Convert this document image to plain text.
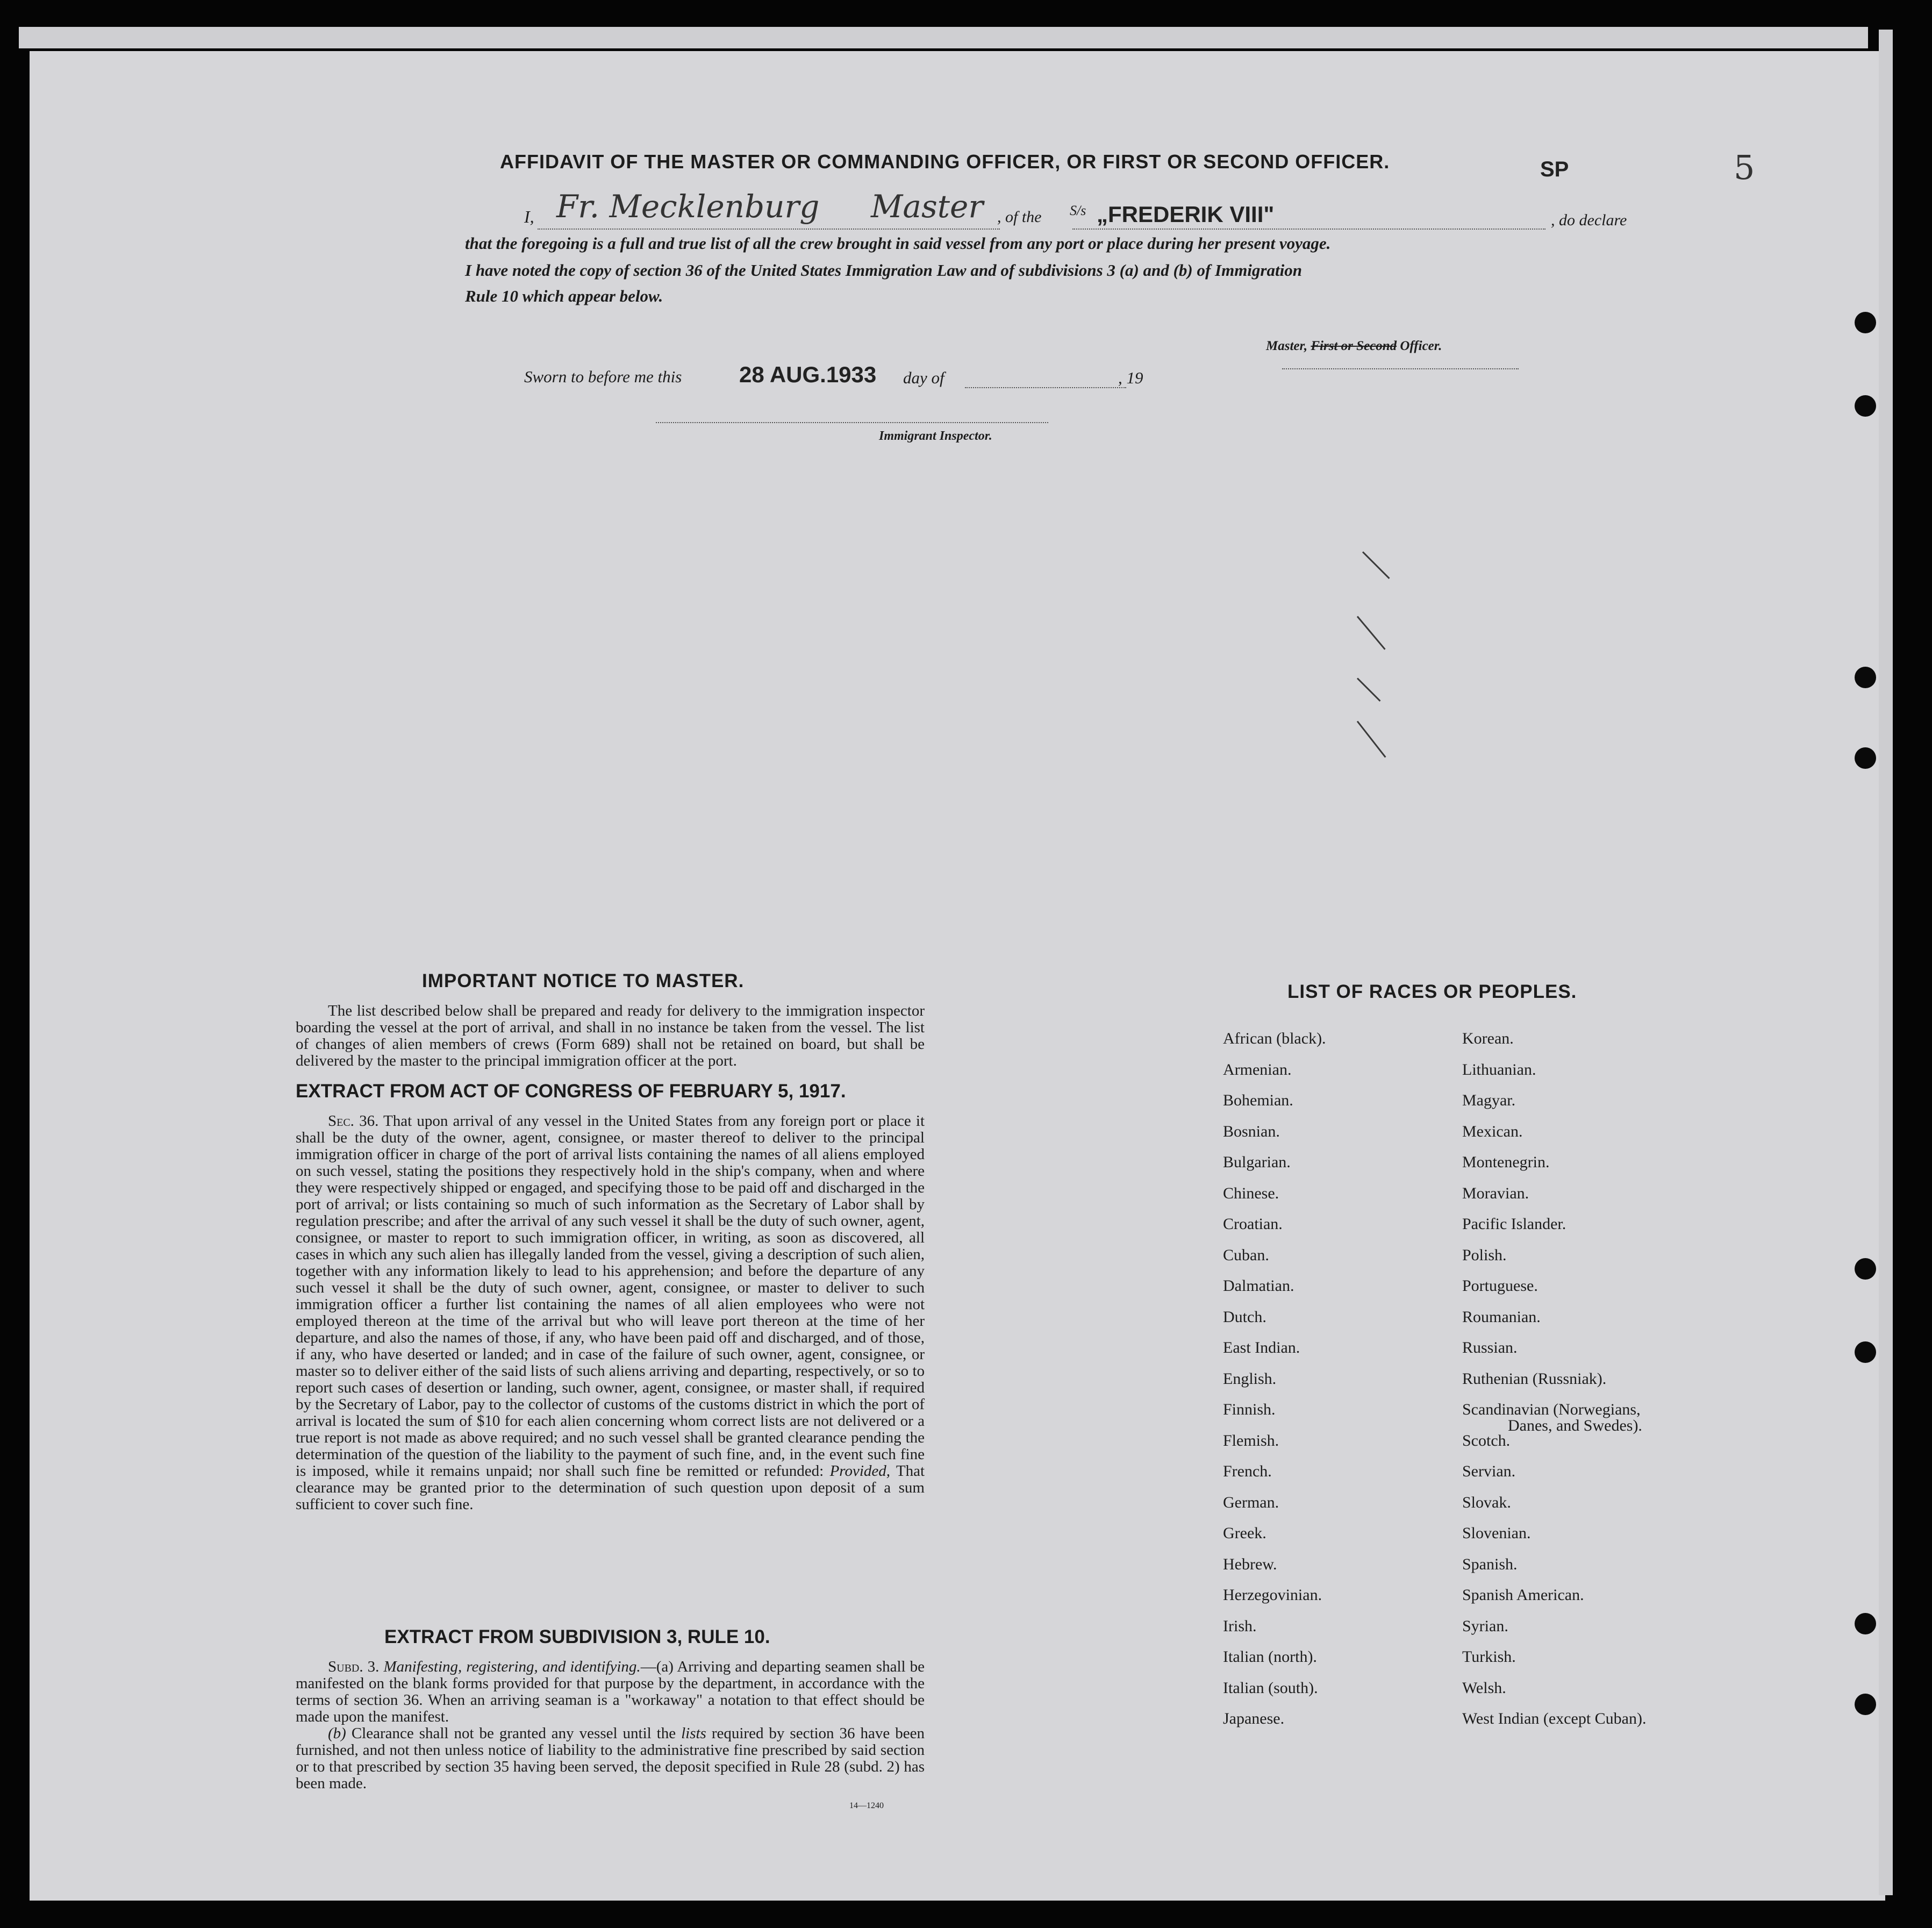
AFFIDAVIT OF THE MASTER OR COMMANDING OFFICER, OR FIRST OR SECOND OFFICER.	SP	5
I, Fr. Mecklenburg Master , of the S/s „FREDERIK VIII"	, do declare
that the foregoing is a full and true list of all the crew brought in said vessel from any port or place during her present voyage.
I have noted the copy of section 36 of the United States Immigration Law and of subdivisions 3 (a) and (b) of Immigration
Rule 10 which appear below.
Master, First or Second Officer.
Sworn to before me this	28 AUG.1933 day of	, 19
Immigrant Inspector.
IMPORTANT NOTICE TO MASTER.
The list described below shall be prepared and ready for delivery to the immigration inspector boarding the vessel at the port of arrival, and shall in no instance be taken from the vessel. The list of changes of alien members of crews (Form 689) shall not be retained on board, but shall be delivered by the master to the principal immigration officer at the port.
EXTRACT FROM ACT OF CONGRESS OF FEBRUARY 5, 1917.
Sec. 36. That upon arrival of any vessel in the United States from any foreign port or place it shall be the duty of the owner, agent, consignee, or master thereof to deliver to the principal immigration officer in charge of the port of arrival lists containing the names of all aliens employed on such vessel, stating the positions they respectively hold in the ship's company, when and where they were respectively shipped or engaged, and specifying those to be paid off and discharged in the port of arrival; or lists containing so much of such information as the Secretary of Labor shall by regulation prescribe; and after the arrival of any such vessel it shall be the duty of such owner, agent, consignee, or master to report to such immigration officer, in writing, as soon as discovered, all cases in which any such alien has illegally landed from the vessel, giving a description of such alien, together with any information likely to lead to his apprehension; and before the departure of any such vessel it shall be the duty of such owner, agent, consignee, or master to deliver to such immigration officer a further list containing the names of all alien employees who were not employed thereon at the time of the arrival but who will leave port thereon at the time of her departure, and also the names of those, if any, who have been paid off and discharged, and of those, if any, who have deserted or landed; and in case of the failure of such owner, agent, consignee, or master so to deliver either of the said lists of such aliens arriving and departing, respectively, or so to report such cases of desertion or landing, such owner, agent, consignee, or master shall, if required by the Secretary of Labor, pay to the collector of customs of the customs district in which the port of arrival is located the sum of $10 for each alien concerning whom correct lists are not delivered or a true report is not made as above required; and no such vessel shall be granted clearance pending the determination of the question of the liability to the payment of such fine, and, in the event such fine is imposed, while it remains unpaid; nor shall such fine be remitted or refunded: Provided, That clearance may be granted prior to the determination of such question upon deposit of a sum sufficient to cover such fine.
EXTRACT FROM SUBDIVISION 3, RULE 10.
Subd. 3. Manifesting, registering, and identifying.—(a) Arriving and departing seamen shall be manifested on the blank forms provided for that purpose by the department, in accordance with the terms of section 36. When an arriving seaman is a "workaway" a notation to that effect should be made upon the manifest.
(b) Clearance shall not be granted any vessel until the lists required by section 36 have been furnished, and not then unless notice of liability to the administrative fine prescribed by said section or to that prescribed by section 35 having been served, the deposit specified in Rule 28 (subd. 2) has been made.
14—1240
LIST OF RACES OR PEOPLES.
African (black).
Armenian.
Bohemian.
Bosnian.
Bulgarian.
Chinese.
Croatian.
Cuban.
Dalmatian.
Dutch.
East Indian.
English.
Finnish.
Flemish.
French.
German.
Greek.
Hebrew.
Herzegovinian.
Irish.
Italian (north).
Italian (south).
Japanese.
Korean.
Lithuanian.
Magyar.
Mexican.
Montenegrin.
Moravian.
Pacific Islander.
Polish.
Portuguese.
Roumanian.
Russian.
Ruthenian (Russniak).
Scandinavian (Norwegians,
Scotch.
Servian.
Slovak.
Slovenian.
Spanish.
Spanish American.
Syrian.
Turkish.
Welsh.
West Indian (except Cuban).
Danes, and Swedes).
